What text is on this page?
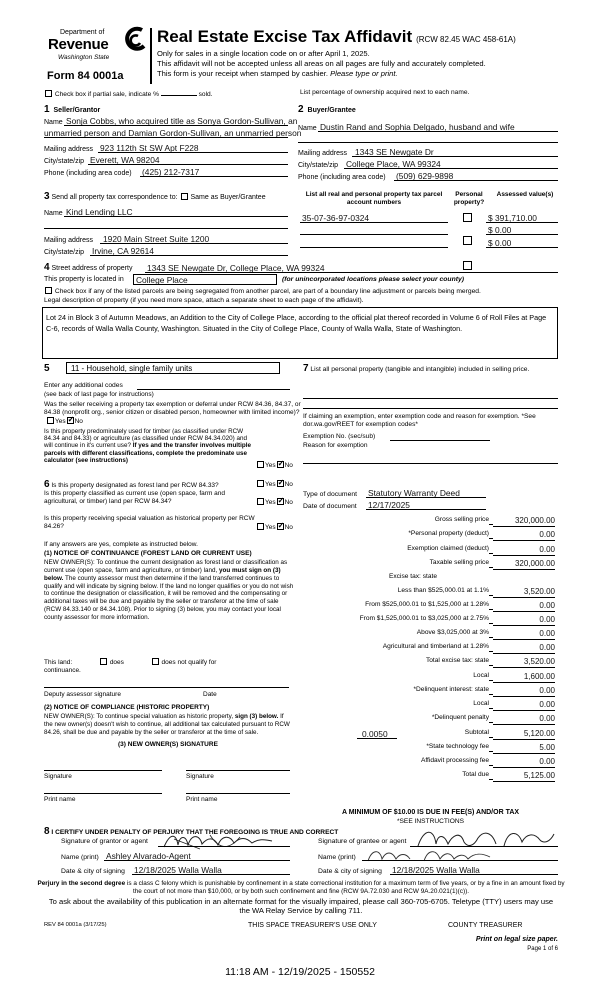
Department of
Revenue
Washington State
Form 84 0001a
Real Estate Excise Tax Affidavit (RCW 82.45 WAC 458-61A)
Only for sales in a single location code on or after April 1, 2025.
This affidavit will not be accepted unless all areas on all pages are fully and accurately completed.
This form is your receipt when stamped by cashier. Please type or print.
Check box if partial sale, indicate %	sold.	List percentage of ownership acquired next to each name.
1 Seller/Grantor
Name Sonja Cobbs, who acquired title as Sonya Gordon-Sullivan, an
unmarried person and Damian Gordon-Sullivan, an unmarried person
Mailing address 923 112th St SW Apt F228
City/state/zip Everett, WA 98204
Phone (including area code) (425) 212-7317
2 Buyer/Grantee
Name Dustin Rand and Sophia Delgado, husband and wife
Mailing address 1343 SE Newgate Dr
City/state/zip College Place, WA 99324
Phone (including area code) (509) 629-9898
3 Send all property tax correspondence to: Same as Buyer/Grantee
Name Kind Lending LLC
Mailing address 1920 Main Street Suite 1200
City/state/zip Irvine, CA 92614
List all real and personal property tax parcel account numbers
Personal property?
Assessed value(s)
35-07-36-97-0324	$ 391,710.00
$ 0.00
$ 0.00
4 Street address of property 1343 SE Newgate Dr, College Place, WA 99324
This property is located in	College Place	(for unincorporated locations please select your county)
Check box if any of the listed parcels are being segregated from another parcel, are part of a boundary line adjustment or parcels being merged.
Legal description of property (if you need more space, attach a separate sheet to each page of the affidavit).
Lot 24 in Block 3 of Autumn Meadows, an Addition to the City of College Place, according to the official plat thereof recorded in Volume 6 of Roll Files at Page C-6, records of Walla Walla County, Washington. Situated in the City of College Place, County of Walla Walla, State of Washington.
5	11 - Household, single family units
Enter any additional codes
(see back of last page for instructions)
Was the seller receiving a property tax exemption or deferral under RCW 84.36, 84.37, or 84.38 (nonprofit org., senior citizen or disabled person, homeowner with limited income)? Yes ✓ No
Is this property predominately used for timber (as classified under RCW 84.34 and 84.33) or agriculture (as classified under RCW 84.34.020) and will continue in it's current use? If yes and the transfer involves multiple parcels with different classifications, complete the predominate use calculator (see instructions)
Yes ✓ No
6 Is this property designated as forest land per RCW 84.33?	Yes ✓ No
Is this property classified as current use (open space, farm and agricultural, or timber) land per RCW 84.34?	Yes ✓ No
Is this property receiving special valuation as historical property per RCW 84.26?	Yes ✓ No
If any answers are yes, complete as instructed below.
(1) NOTICE OF CONTINUANCE (FOREST LAND OR CURRENT USE)
NEW OWNER(S): To continue the current designation as forest land or classification as current use (open space, farm and agriculture, or timber) land, you must sign on (3) below. The county assessor must then determine if the land transferred continues to qualify and will indicate by signing below. If the land no longer qualifies or you do not wish to continue the designation or classification, it will be removed and the compensating or additional taxes will be due and payable by the seller or transferor at the time of sale (RCW 84.33.140 or 84.34.108). Prior to signing (3) below, you may contact your local county assessor for more information.
This land:	does	does not qualify for
continuance.
Deputy assessor signature	Date
(2) NOTICE OF COMPLIANCE (HISTORIC PROPERTY)
NEW OWNER(S): To continue special valuation as historic property, sign (3) below. If the new owner(s) doesn't wish to continue, all additional tax calculated pursuant to RCW 84.26, shall be due and payable by the seller or transferor at the time of sale.
(3) NEW OWNER(S) SIGNATURE
Signature	Signature
Print name	Print name
7 List all personal property (tangible and intangible) included in selling price.
If claiming an exemption, enter exemption code and reason for exemption. *See dor.wa.gov/REET for exemption codes*
Exemption No. (sec/sub)
Reason for exemption
Type of document Statutory Warranty Deed
Date of document 12/17/2025
Gross selling price	320,000.00
*Personal property (deduct)	0.00
Exemption claimed (deduct)	0.00
Taxable selling price	320,000.00
Excise tax: state
Less than $525,000.01 at 1.1%	3,520.00
From $525,000.01 to $1,525,000 at 1.28%	0.00
From $1,525,000.01 to $3,025,000 at 2.75%	0.00
Above $3,025,000 at 3%	0.00
Agricultural and timberland at 1.28%	0.00
Total excise tax: state	3,520.00
Local	1,600.00
*Delinquent interest: state	0.00
Local	0.00
*Delinquent penalty	0.00
Subtotal	5,120.00
*State technology fee	5.00
Affidavit processing fee	0.00
Total due	5,125.00
0.0050
A MINIMUM OF $10.00 IS DUE IN FEE(S) AND/OR TAX
*SEE INSTRUCTIONS
8 I CERTIFY UNDER PENALTY OF PERJURY THAT THE FOREGOING IS TRUE AND CORRECT
Signature of grantor or agent
Name (print) Ashley Alvarado-Agent
Date & city of signing 12/18/2025 Walla Walla
Signature of grantee or agent
Name (print)
Date & city of signing 12/18/2025 Walla Walla
Perjury in the second degree is a class C felony which is punishable by confinement in a state correctional institution for a maximum term of five years, or by a fine in an amount fixed by the court of not more than $10,000, or by both such confinement and fine (RCW 9A.72.030 and RCW 9A.20.021(1)(c)).
To ask about the availability of this publication in an alternate format for the visually impaired, please call 360-705-6705. Teletype (TTY) users may use the WA Relay Service by calling 711.
REV 84 0001a (3/17/25)	THIS SPACE TREASURER'S USE ONLY	COUNTY TREASURER
Print on legal size paper.
Page 1 of 6
11:18 AM - 12/19/2025 - 150552
